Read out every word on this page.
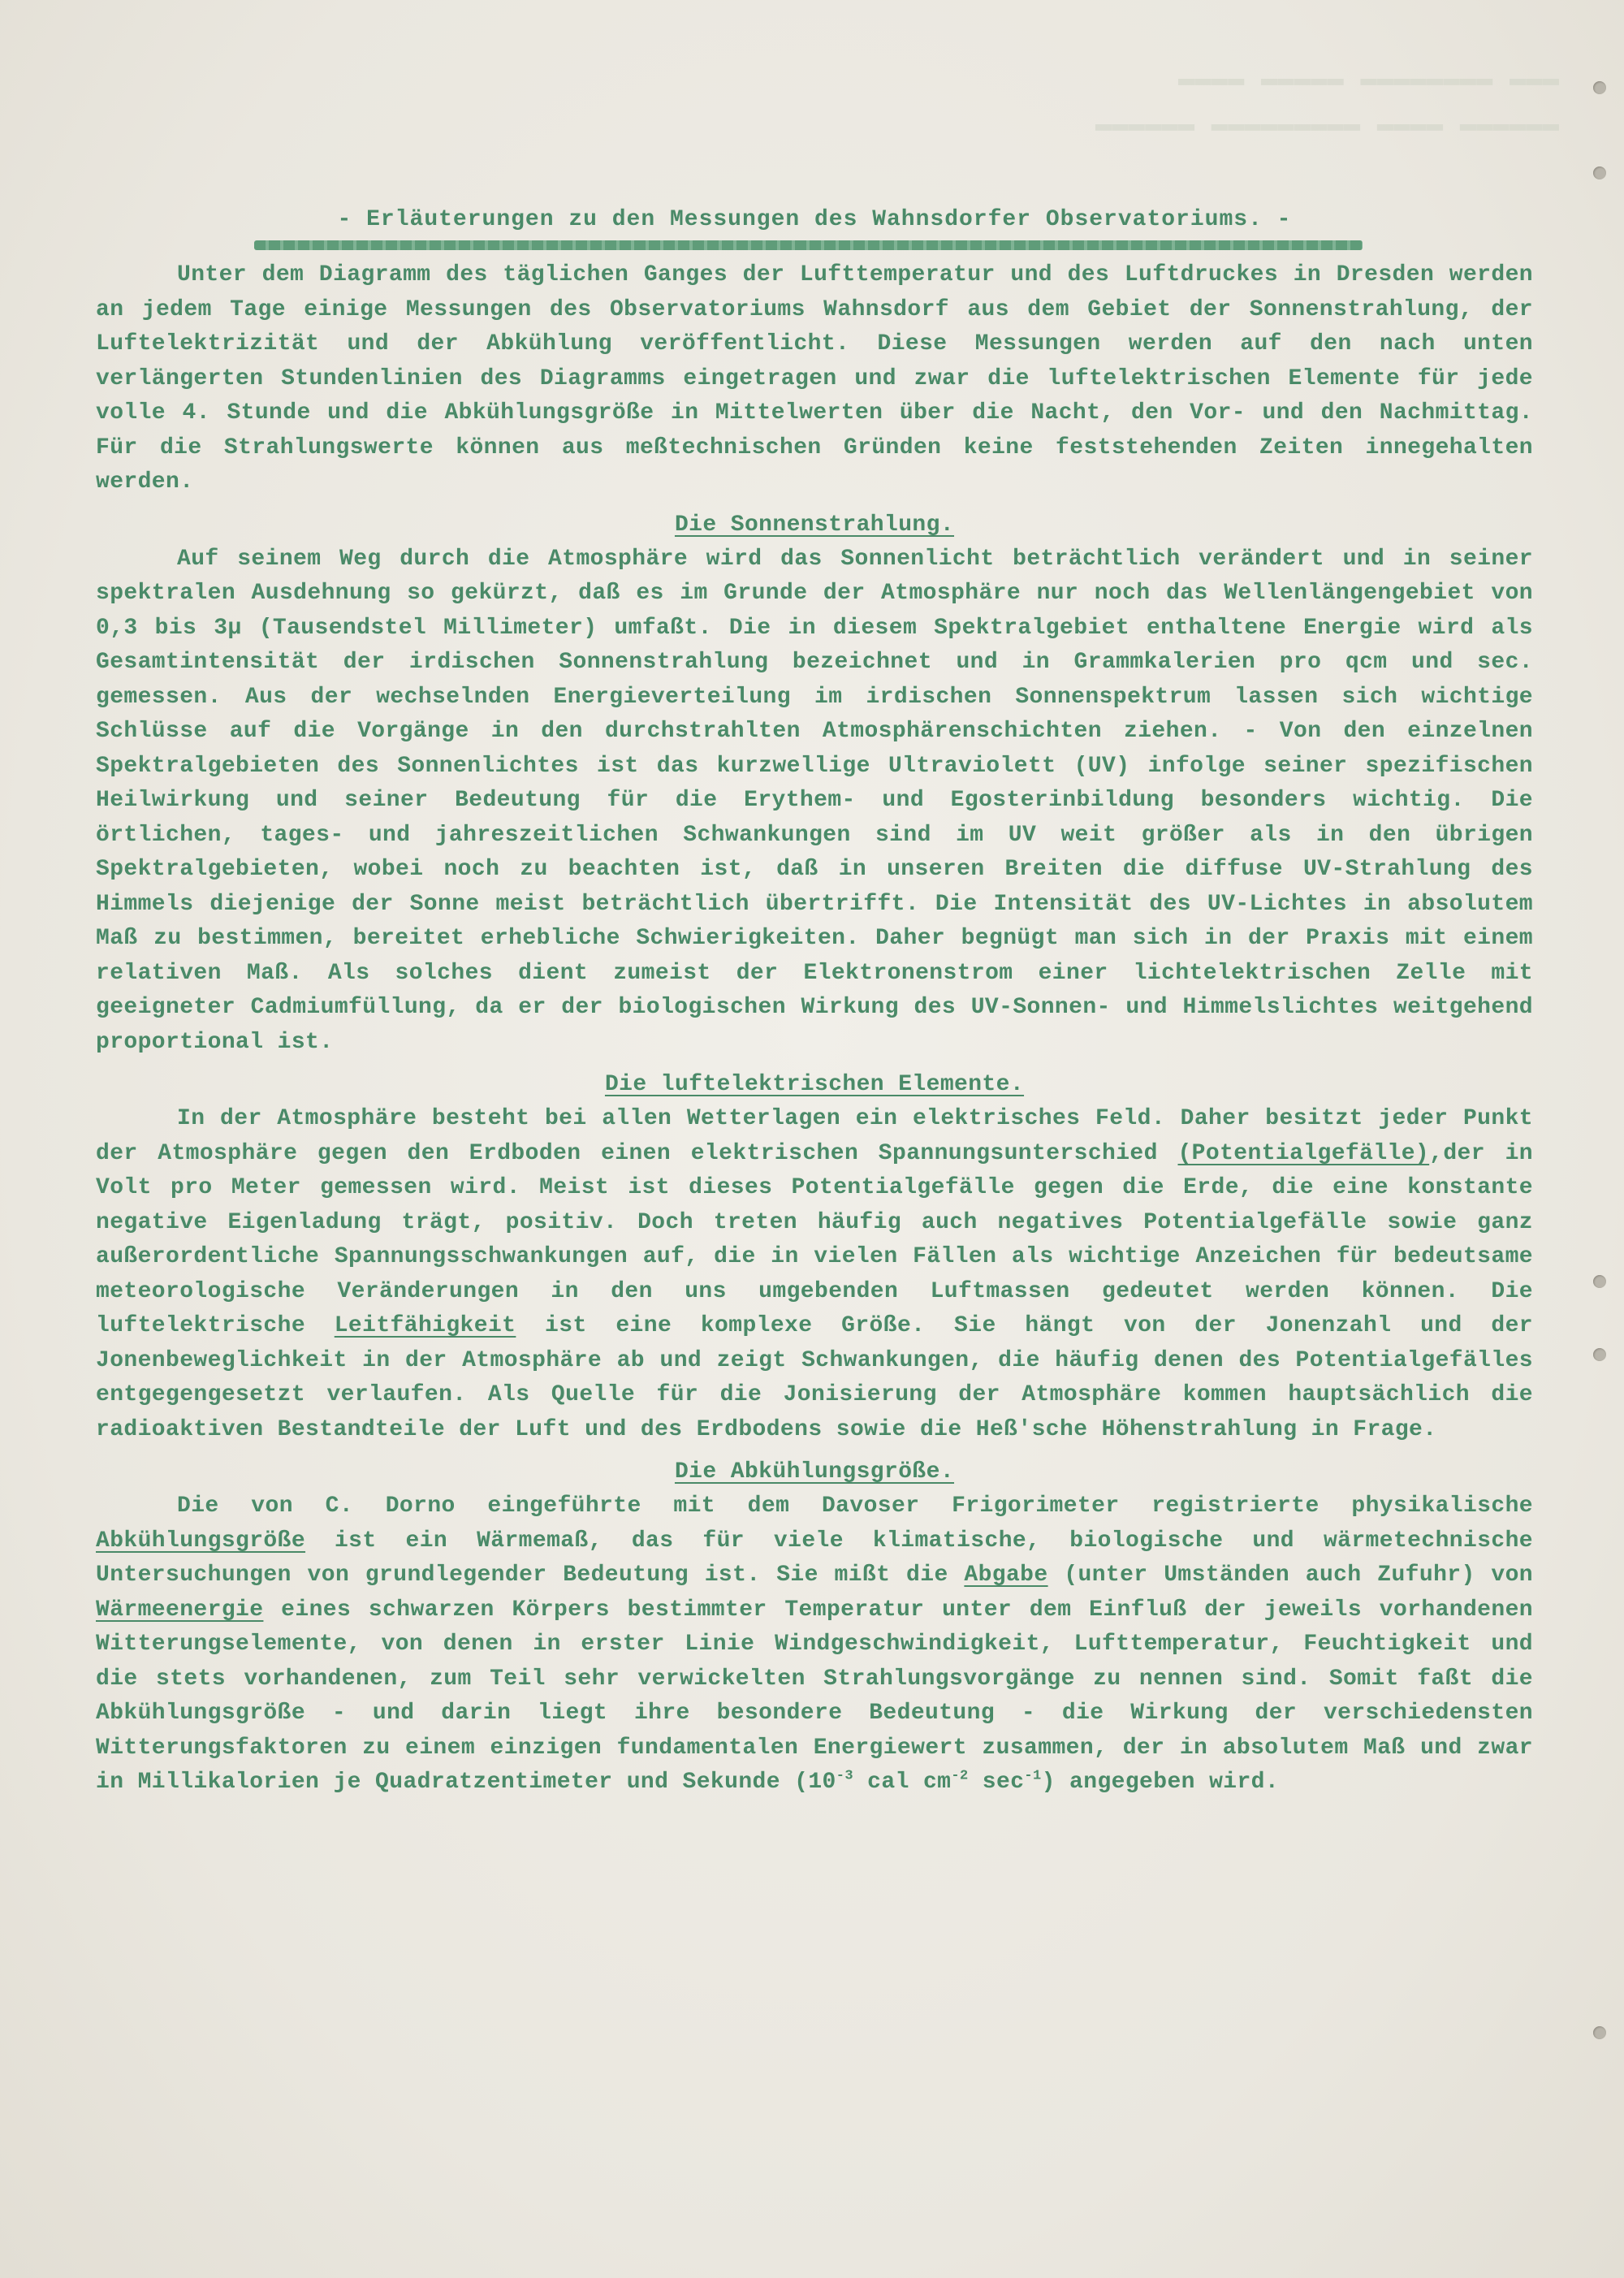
▬▬▬ ▬▬▬▬▬▬▬▬ ▬▬▬▬▬ ▬▬▬▬
▬▬▬▬▬▬ ▬▬▬▬ ▬▬▬▬▬▬▬▬▬ ▬▬▬▬▬▬

- Erläuterungen zu den Messungen des Wahnsdorfer Observatoriums. -

Unter dem Diagramm des täglichen Ganges der Lufttemperatur und des Luftdruckes in Dresden werden an jedem Tage einige Messungen des Observatoriums Wahnsdorf aus dem Gebiet der Sonnenstrahlung, der Luftelektrizität und der Abkühlung veröffentlicht. Diese Messungen werden auf den nach unten verlängerten Stundenlinien des Diagramms eingetragen und zwar die luftelektrischen Elemente für jede volle 4. Stunde und die Abkühlungsgröße in Mittelwerten über die Nacht, den Vor- und den Nachmittag. Für die Strahlungswerte können aus meßtechnischen Gründen keine feststehenden Zeiten innegehalten werden.

Die Sonnenstrahlung.

Auf seinem Weg durch die Atmosphäre wird das Sonnenlicht beträchtlich verändert und in seiner spektralen Ausdehnung so gekürzt, daß es im Grunde der Atmosphäre nur noch das Wellenlängengebiet von 0,3 bis 3μ (Tausendstel Millimeter) umfaßt. Die in diesem Spektralgebiet enthaltene Energie wird als Gesamtintensität der irdischen Sonnenstrahlung bezeichnet und in Grammkalerien pro qcm und sec. gemessen. Aus der wechselnden Energieverteilung im irdischen Sonnenspektrum lassen sich wichtige Schlüsse auf die Vorgänge in den durchstrahlten Atmosphärenschichten ziehen. - Von den einzelnen Spektralgebieten des Sonnenlichtes ist das kurzwellige Ultraviolett (UV) infolge seiner spezifischen Heilwirkung und seiner Bedeutung für die Erythem- und Egosterinbildung besonders wichtig. Die örtlichen, tages- und jahreszeitlichen Schwankungen sind im UV weit größer als in den übrigen Spektralgebieten, wobei noch zu beachten ist, daß in unseren Breiten die diffuse UV-Strahlung des Himmels diejenige der Sonne meist beträchtlich übertrifft. Die Intensität des UV-Lichtes in absolutem Maß zu bestimmen, bereitet erhebliche Schwierigkeiten. Daher begnügt man sich in der Praxis mit einem relativen Maß. Als solches dient zumeist der Elektronenstrom einer lichtelektrischen Zelle mit geeigneter Cadmiumfüllung, da er der biologischen Wirkung des UV-Sonnen- und Himmelslichtes weitgehend proportional ist.

Die luftelektrischen Elemente.

In der Atmosphäre besteht bei allen Wetterlagen ein elektrisches Feld. Daher besitzt jeder Punkt der Atmosphäre gegen den Erdboden einen elektrischen Spannungsunterschied (Potentialgefälle),der in Volt pro Meter gemessen wird. Meist ist dieses Potentialgefälle gegen die Erde, die eine konstante negative Eigenladung trägt, positiv. Doch treten häufig auch negatives Potentialgefälle sowie ganz außerordentliche Spannungsschwankungen auf, die in vielen Fällen als wichtige Anzeichen für bedeutsame meteorologische Veränderungen in den uns umgebenden Luftmassen gedeutet werden können. Die luftelektrische Leitfähigkeit ist eine komplexe Größe. Sie hängt von der Jonenzahl und der Jonenbeweglichkeit in der Atmosphäre ab und zeigt Schwankungen, die häufig denen des Potentialgefälles entgegengesetzt verlaufen. Als Quelle für die Jonisierung der Atmosphäre kommen hauptsächlich die radioaktiven Bestandteile der Luft und des Erdbodens sowie die Heß'sche Höhenstrahlung in Frage.

Die Abkühlungsgröße.

Die von C. Dorno eingeführte mit dem Davoser Frigorimeter registrierte physikalische Abkühlungsgröße ist ein Wärmemaß, das für viele klimatische, biologische und wärmetechnische Untersuchungen von grundlegender Bedeutung ist. Sie mißt die Abgabe (unter Umständen auch Zufuhr) von Wärmeenergie eines schwarzen Körpers bestimmter Temperatur unter dem Einfluß der jeweils vorhandenen Witterungselemente, von denen in erster Linie Windgeschwindigkeit, Lufttemperatur, Feuchtigkeit und die stets vorhandenen, zum Teil sehr verwickelten Strahlungsvorgänge zu nennen sind. Somit faßt die Abkühlungsgröße - und darin liegt ihre besondere Bedeutung - die Wirkung der verschiedensten Witterungsfaktoren zu einem einzigen fundamentalen Energiewert zusammen, der in absolutem Maß und zwar in Millikalorien je Quadratzentimeter und Sekunde ($10^{-3}$ cal $cm^{-2}$ $\sec^{-1}$) angegeben wird.
